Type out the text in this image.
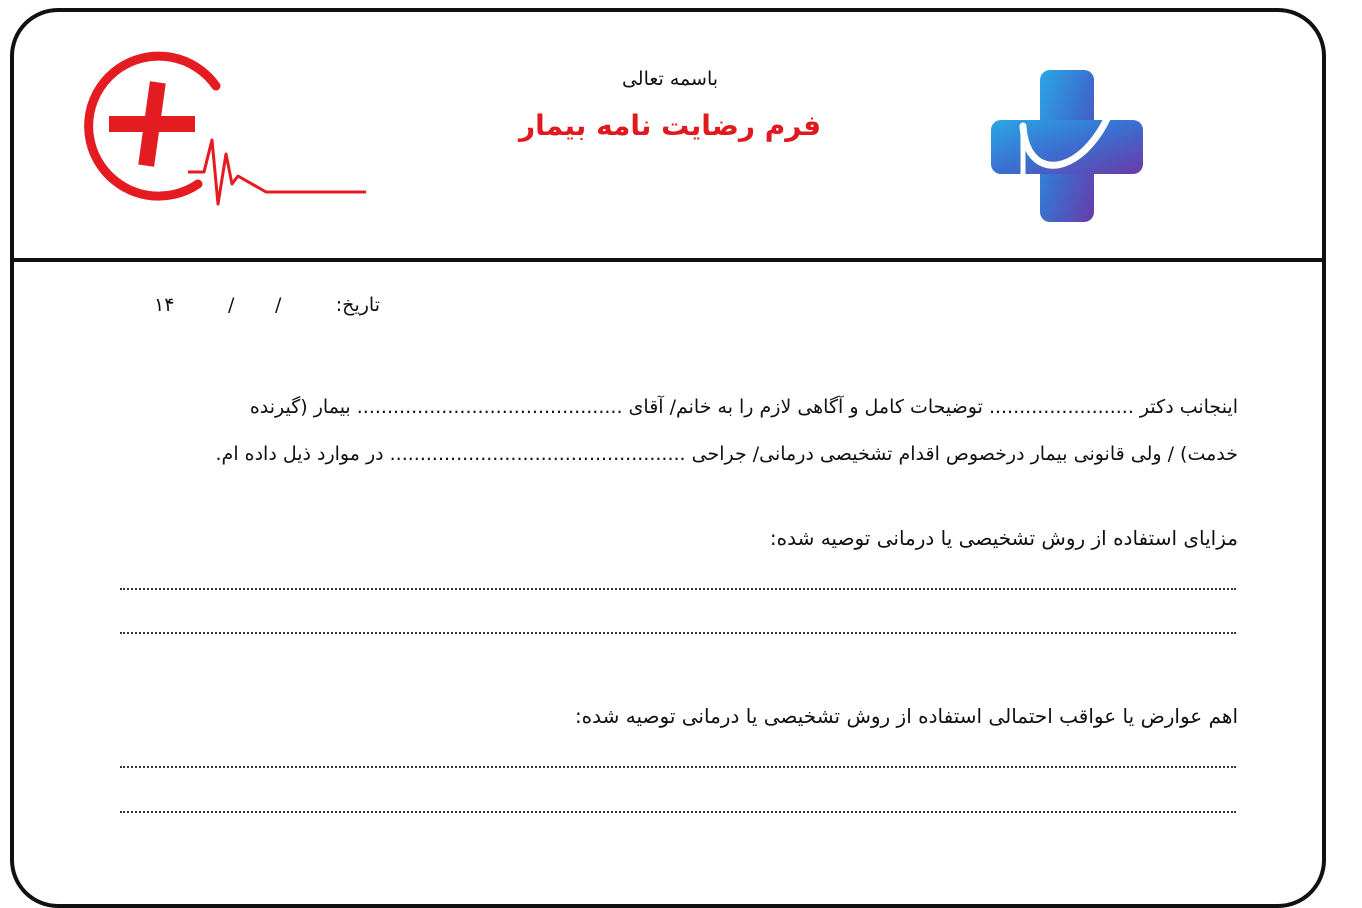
باسمه تعالی
فرم رضایت نامه بیمار
تاریخ:
/
/
۱۴
اینجانب دکتر ........................ توضیحات کامل و آگاهی لازم را به خانم/ آقای ............................................ بیمار (گیرنده
خدمت) / ولی قانونی بیمار درخصوص اقدام تشخیصی درمانی/ جراحی ................................................. در موارد ذیل داده ام.
مزایای استفاده از روش تشخیصی یا درمانی توصیه شده:
اهم عوارض یا عواقب احتمالی استفاده از روش تشخیصی یا درمانی توصیه شده:
